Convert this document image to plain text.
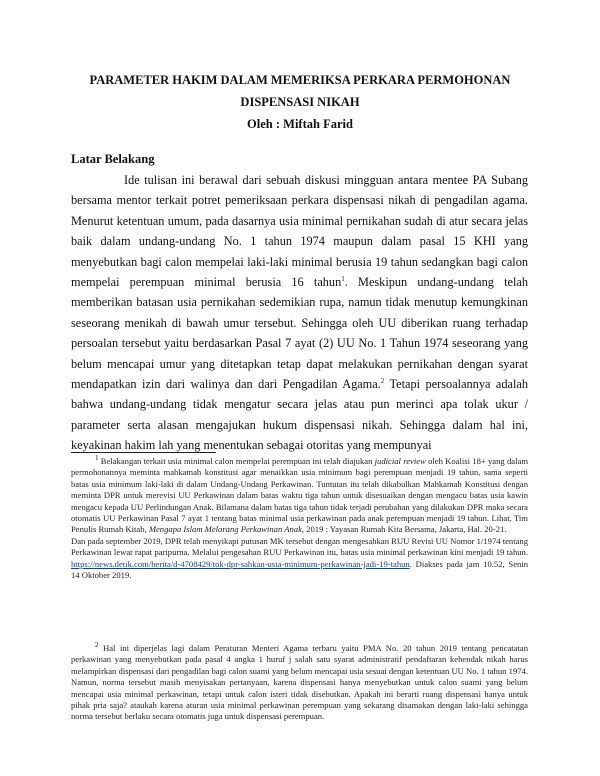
PARAMETER HAKIM DALAM MEMERIKSA PERKARA PERMOHONAN
DISPENSASI NIKAH
Oleh : Miftah Farid
Latar Belakang

Ide tulisan ini berawal dari sebuah diskusi mingguan antara mentee PA Subang bersama mentor terkait potret pemeriksaan perkara dispensasi nikah di pengadilan agama. Menurut ketentuan umum, pada dasarnya usia minimal pernikahan sudah di atur secara jelas baik dalam undang-undang No. 1 tahun 1974 maupun dalam pasal 15 KHI yang menyebutkan bagi calon mempelai laki-laki minimal berusia 19 tahun sedangkan bagi calon mempelai perempuan minimal berusia 16 tahun$^1$. Meskipun undang-undang telah memberikan batasan usia pernikahan sedemikian rupa, namun tidak menutup kemungkinan seseorang menikah di bawah umur tersebut. Sehingga oleh UU diberikan ruang terhadap persoalan tersebut yaitu berdasarkan Pasal 7 ayat (2) UU No. 1 Tahun 1974 seseorang yang belum mencapai umur yang ditetapkan tetap dapat melakukan pernikahan dengan syarat mendapatkan izin dari walinya dan dari Pengadilan Agama.$^2$ Tetapi persoalannya adalah bahwa undang-undang tidak mengatur secara jelas atau pun merinci apa tolak ukur / parameter serta alasan mengajukan hukum dispensasi nikah. Sehingga dalam hal ini, keyakinan hakim lah yang menentukan sebagai otoritas yang mempunyai

$^1$ Belakangan terkait usia minimal calon mempelai perempuan ini telah diajukan judicial review oleh Koalisi 18+ yang dalam permohonannya meminta mahkamah konstitusi agar menaikkan usia minimum bagi perempuan menjadi 19 tahun, sama seperti batas usia minimum laki-laki di dalam Undang-Undang Perkawinan. Tuntutan itu telah dikabulkan Mahkamah Konstitusi dengan meminta DPR untuk merevisi UU Perkawinan dalam batas waktu tiga tahun untuk disesuaikan dengan mengacu batas usia kawin mengacu kepada UU Perlindungan Anak. Bilamana dalam batas tiga tahun tidak terjadi perubahan yang dilakukan DPR maka secara otomatis UU Perkawinan Pasal 7 ayat 1 tentang batas minimal usia perkawinan pada anak perempuan menjadi 19 tahun. Lihat, Tim Penulis Rumah Kitab, Mengapa Islam Melarang Perkawinan Anak, 2019 : Yayasan Rumah Kita Bersama, Jakarta, Hal. 20-21.

Dan pada september 2019, DPR telah menyikapi putusan MK tersebut dengan mengesahkan RUU Revisi UU Nomor 1/1974 tentang Perkawinan lewat rapat paripurna. Melalui pengesahan RUU Perkawinan itu, batas usia minimal perkawinan kini menjadi 19 tahun. https://news.detik.com/berita/d-4708429/tok-dpr-sahkan-usia-minimum-perkawinan-jadi-19-tahun. Diakses pada jam 10.52, Senin 14 Oktober 2019.

$^2$ Hal ini diperjelas lagi dalam Peraturan Menteri Agama terbaru yaitu PMA No. 20 tahun 2019 tentang pencatatan perkawinan yang menyebutkan pada pasal 4 angka 1 huruf j salah satu syarat administratif pendaftaran kehendak nikah harus melampirkan dispensasi dari pengadilan bagi calon suami yang belum mencapai usia sesuai dengan ketentuan UU No. 1 tahun 1974. Namun, norma tersebut masih menyisakan pertanyaan, karena dispensasi hanya menyebutkan untuk calon suami yang belum mencapai usia minimal perkawinan, tetapi untuk calon isteri tidak disebutkan. Apakah ini berarti ruang dispensasi hanya untuk pihak pria saja? ataukah karena aturan usia minimal perkawinan perempuan yang sekarang disamakan dengan laki-laki sehingga norma tersebut berlaku secara otomatis juga untuk dispensasi perempuan.
